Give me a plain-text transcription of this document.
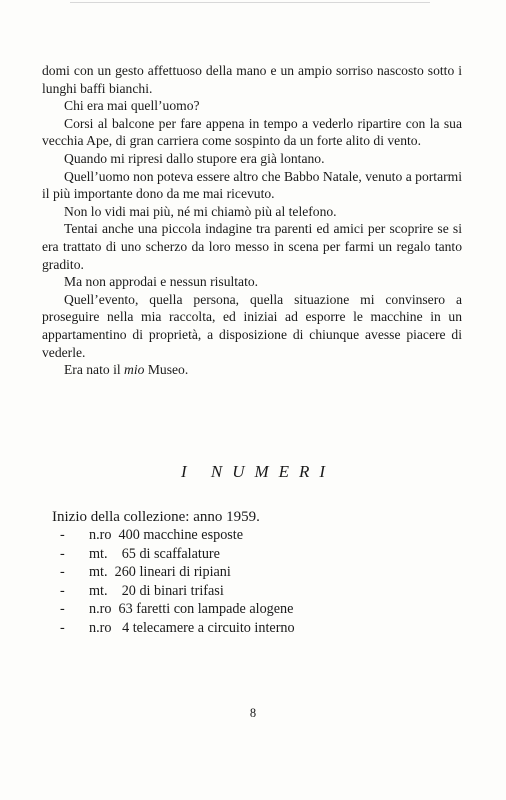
domi con un gesto affettuoso della mano e un ampio sorriso nascosto sotto i lunghi baffi bianchi.

Chi era mai quell’uomo?

Corsi al balcone per fare appena in tempo a vederlo ripartire con la sua vecchia Ape, di gran carriera come sospinto da un forte alito di vento.

Quando mi ripresi dallo stupore era già lontano.

Quell’uomo non poteva essere altro che Babbo Natale, venuto a portarmi il più importante dono da me mai ricevuto.

Non lo vidi mai più, né mi chiamò più al telefono.

Tentai anche una piccola indagine tra parenti ed amici per scoprire se si era trattato di uno scherzo da loro messo in scena per farmi un regalo tanto gradito.

Ma non approdai e nessun risultato.

Quell’evento, quella persona, quella situazione mi convinsero a proseguire nella mia raccolta, ed iniziai ad esporre le macchine in un appartamentino di proprietà, a disposizione di chiunque avesse piacere di vederle.

Era nato il mio Museo.

I NUMERI
Inizio della collezione: anno 1959.
- n.ro  400 macchine esposte
- mt.    65 di scaffalature
- mt.  260 lineari di ripiani
- mt.    20 di binari trifasi
- n.ro  63 faretti con lampade alogene
- n.ro   4 telecamere a circuito interno
8
